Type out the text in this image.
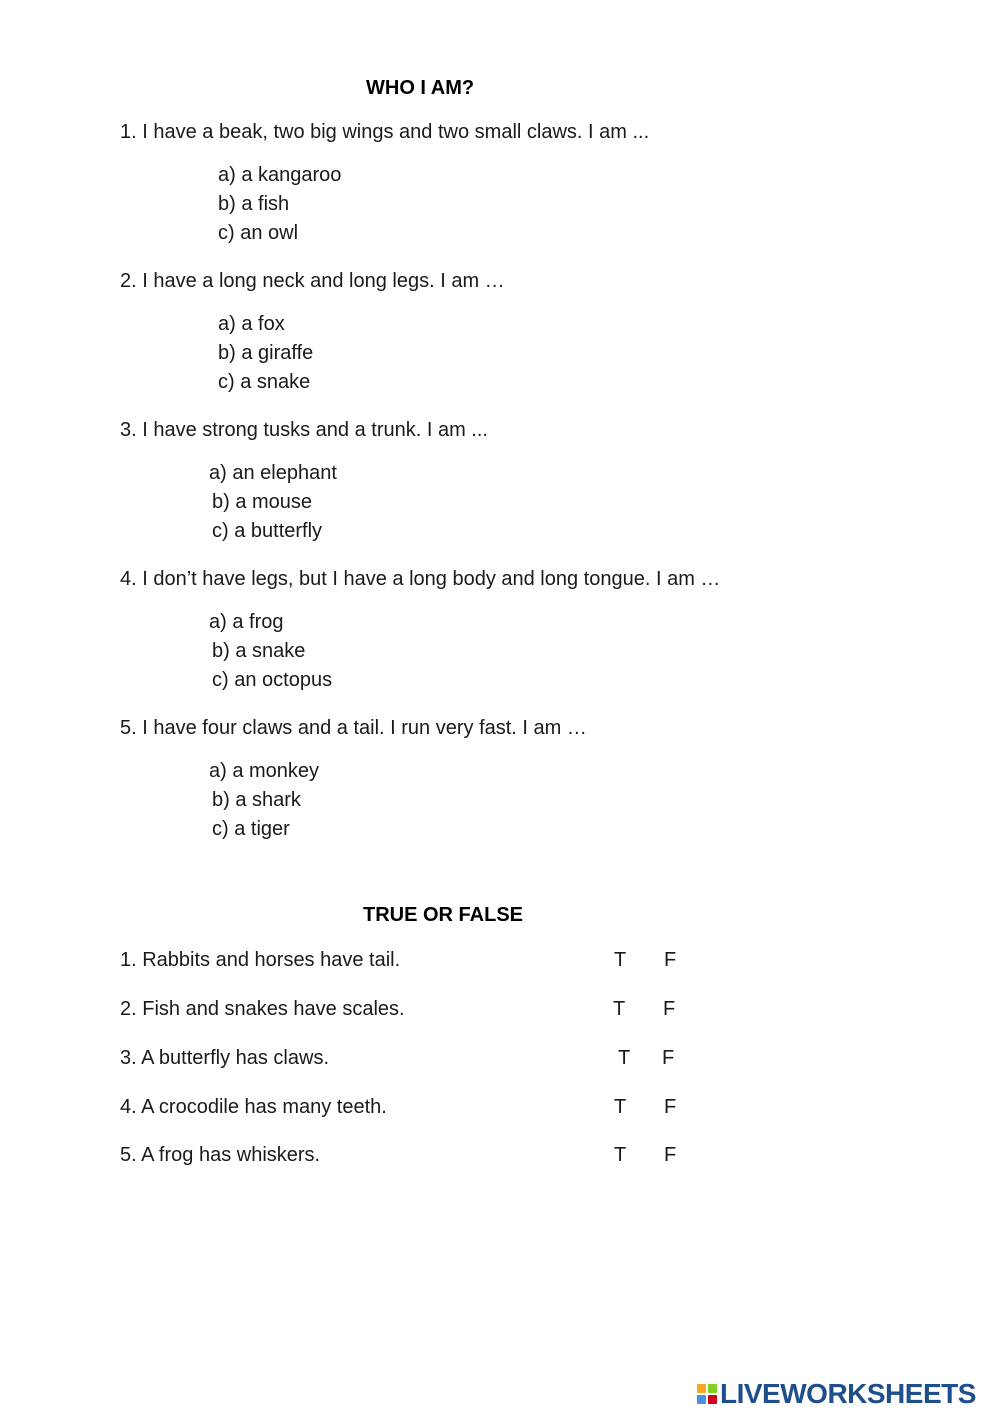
WHO I AM?
1. I have a beak, two big wings and two small claws. I am ...
a) a kangaroo
b) a fish
c) an owl
2. I have a long neck and long legs. I am …
a) a fox
b) a giraffe
c) a snake
3. I have strong tusks and a trunk. I am ...
a) an elephant
b) a mouse
c) a butterfly
4. I don’t have legs, but I have a long body and long tongue. I am …
a) a frog
b) a snake
c) an octopus
5. I have four claws and a tail. I run very fast. I am …
a) a monkey
b) a shark
c) a tiger
TRUE OR FALSE
1. Rabbits and horses have tail.	T F
2. Fish and snakes have scales.	T F
3. A butterfly has claws.	T F
4. A crocodile has many teeth.	T F
5. A frog has whiskers.	T F
LIVEWORKSHEETS
